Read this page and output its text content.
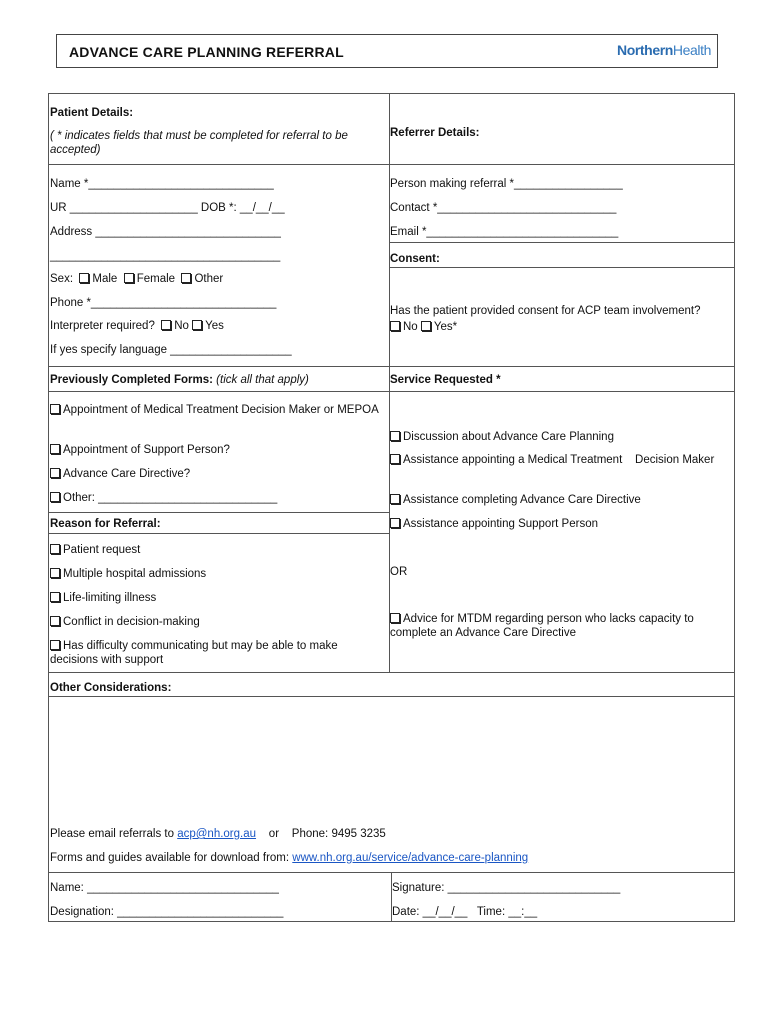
ADVANCE CARE PLANNING REFERRAL	NorthernHealth
Patient Details:
( * indicates fields that must be completed for referral to be accepted)
Name *_____________________________
UR ____________________ DOB *: __/__/__
Address _____________________________
____________________________________
Sex: Male Female Other
Phone *_____________________________
Interpreter required? No Yes
If yes specify language ___________________
Referrer Details:
Person making referral *_________________
Contact *____________________________
Email *______________________________
Consent:
Has the patient provided consent for ACP team involvement?
No Yes*
Previously Completed Forms: (tick all that apply)
Appointment of Medical Treatment Decision Maker or MEPOA
Appointment of Support Person?
Advance Care Directive?
Other: ____________________________
Reason for Referral:
Patient request
Multiple hospital admissions
Life-limiting illness
Conflict in decision-making
Has difficulty communicating but may be able to make decisions with support
Service Requested *
Discussion about Advance Care Planning
Assistance appointing a Medical Treatment    Decision Maker
Assistance completing Advance Care Directive
Assistance appointing Support Person
OR
Advice for MTDM regarding person who lacks capacity to complete an Advance Care Directive
Other Considerations:
Please email referrals to acp@nh.org.au or    Phone: 9495 3235
Forms and guides available for download from: www.nh.org.au/service/advance-care-planning
Name: ______________________________	Signature: ___________________________
Designation: __________________________	Date: __/__/__   Time: __:__
